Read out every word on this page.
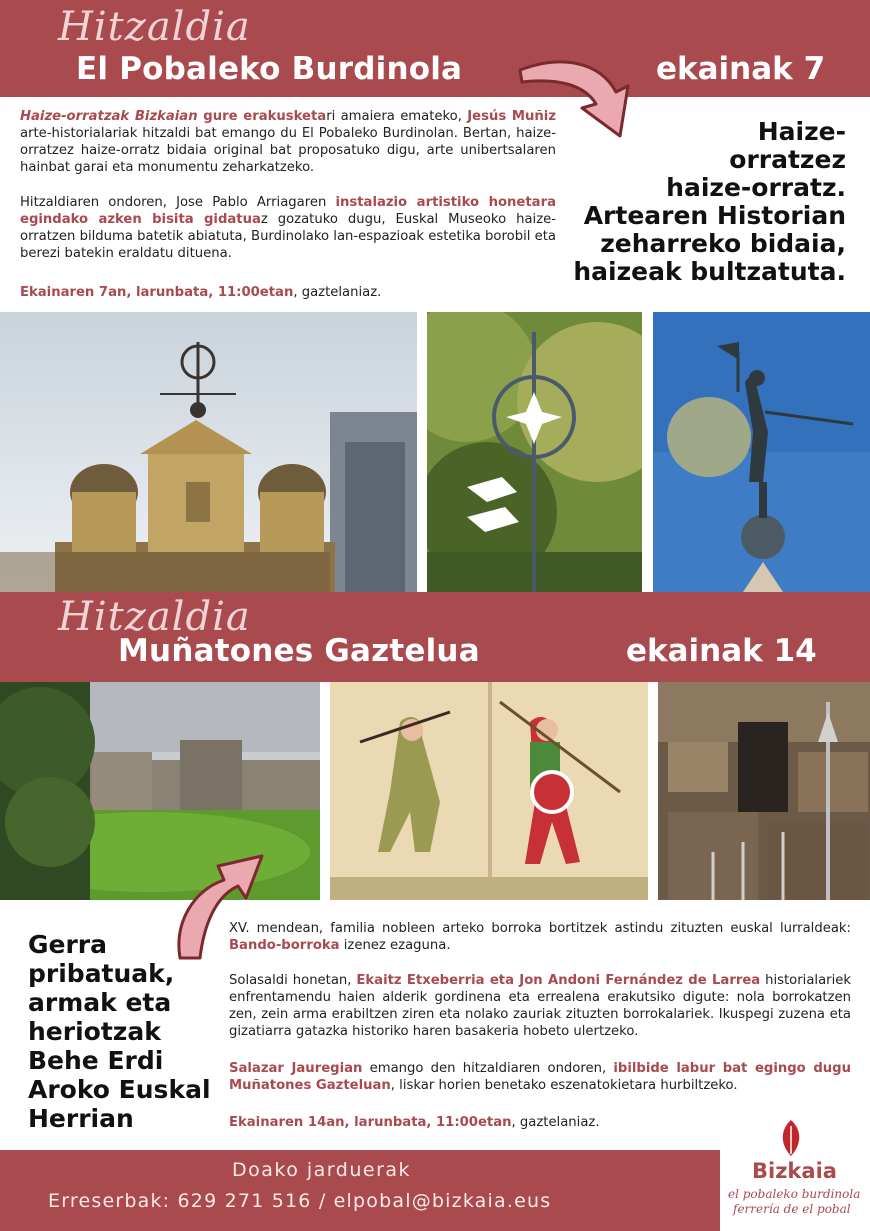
Hitzaldia
El Pobaleko Burdinola	ekainak 7
Haize-orratzak Bizkaian gure erakusketari amaiera emateko, Jesús Muñiz arte-historialariak hitzaldi bat emango du El Pobaleko Burdinolan. Bertan, haize-orratzez haize-orratz bidaia original bat proposatuko digu, arte unibertsalaren hainbat garai eta monumentu zeharkatzeko.
Hitzaldiaren ondoren, Jose Pablo Arriagaren instalazio artistiko honetara egindako azken bisita gidatuaz gozatuko dugu, Euskal Museoko haize-orratzen bilduma batetik abiatuta, Burdinolako lan-espazioak estetika borobil eta berezi batekin eraldatu dituena.
Ekainaren 7an, larunbata, 11:00etan, gaztelaniaz.
Haize-
orratzez
haize-orratz.
Artearen Historian
zeharreko bidaia,
haizeak bultzatuta.
Hitzaldia
Muñatones Gaztelua	ekainak 14
Gerra
pribatuak,
armak eta
heriotzak
Behe Erdi
Aroko Euskal
Herrian
XV. mendean, familia nobleen arteko borroka bortitzek astindu zituzten euskal lurraldeak: Bando-borroka izenez ezaguna.
Solasaldi honetan, Ekaitz Etxeberria eta Jon Andoni Fernández de Larrea historialariek enfrentamendu haien alderik gordinena eta errealena erakutsiko digute: nola borrokatzen zen, zein arma erabiltzen ziren eta nolako zauriak zituzten borrokalariek. Ikuspegi zuzena eta gizatiarra gatazka historiko haren basakeria hobeto ulertzeko.
Salazar Jauregian emango den hitzaldiaren ondoren, ibilbide labur bat egingo dugu Muñatones Gazteluan, liskar horien benetako eszenatokietara hurbiltzeko.
Ekainaren 14an, larunbata, 11:00etan, gaztelaniaz.
Doako jarduerak
Erreserbak: 629 271 516 / elpobal@bizkaia.eus
Bizkaia
el pobaleko burdinola
ferrería de el pobal
